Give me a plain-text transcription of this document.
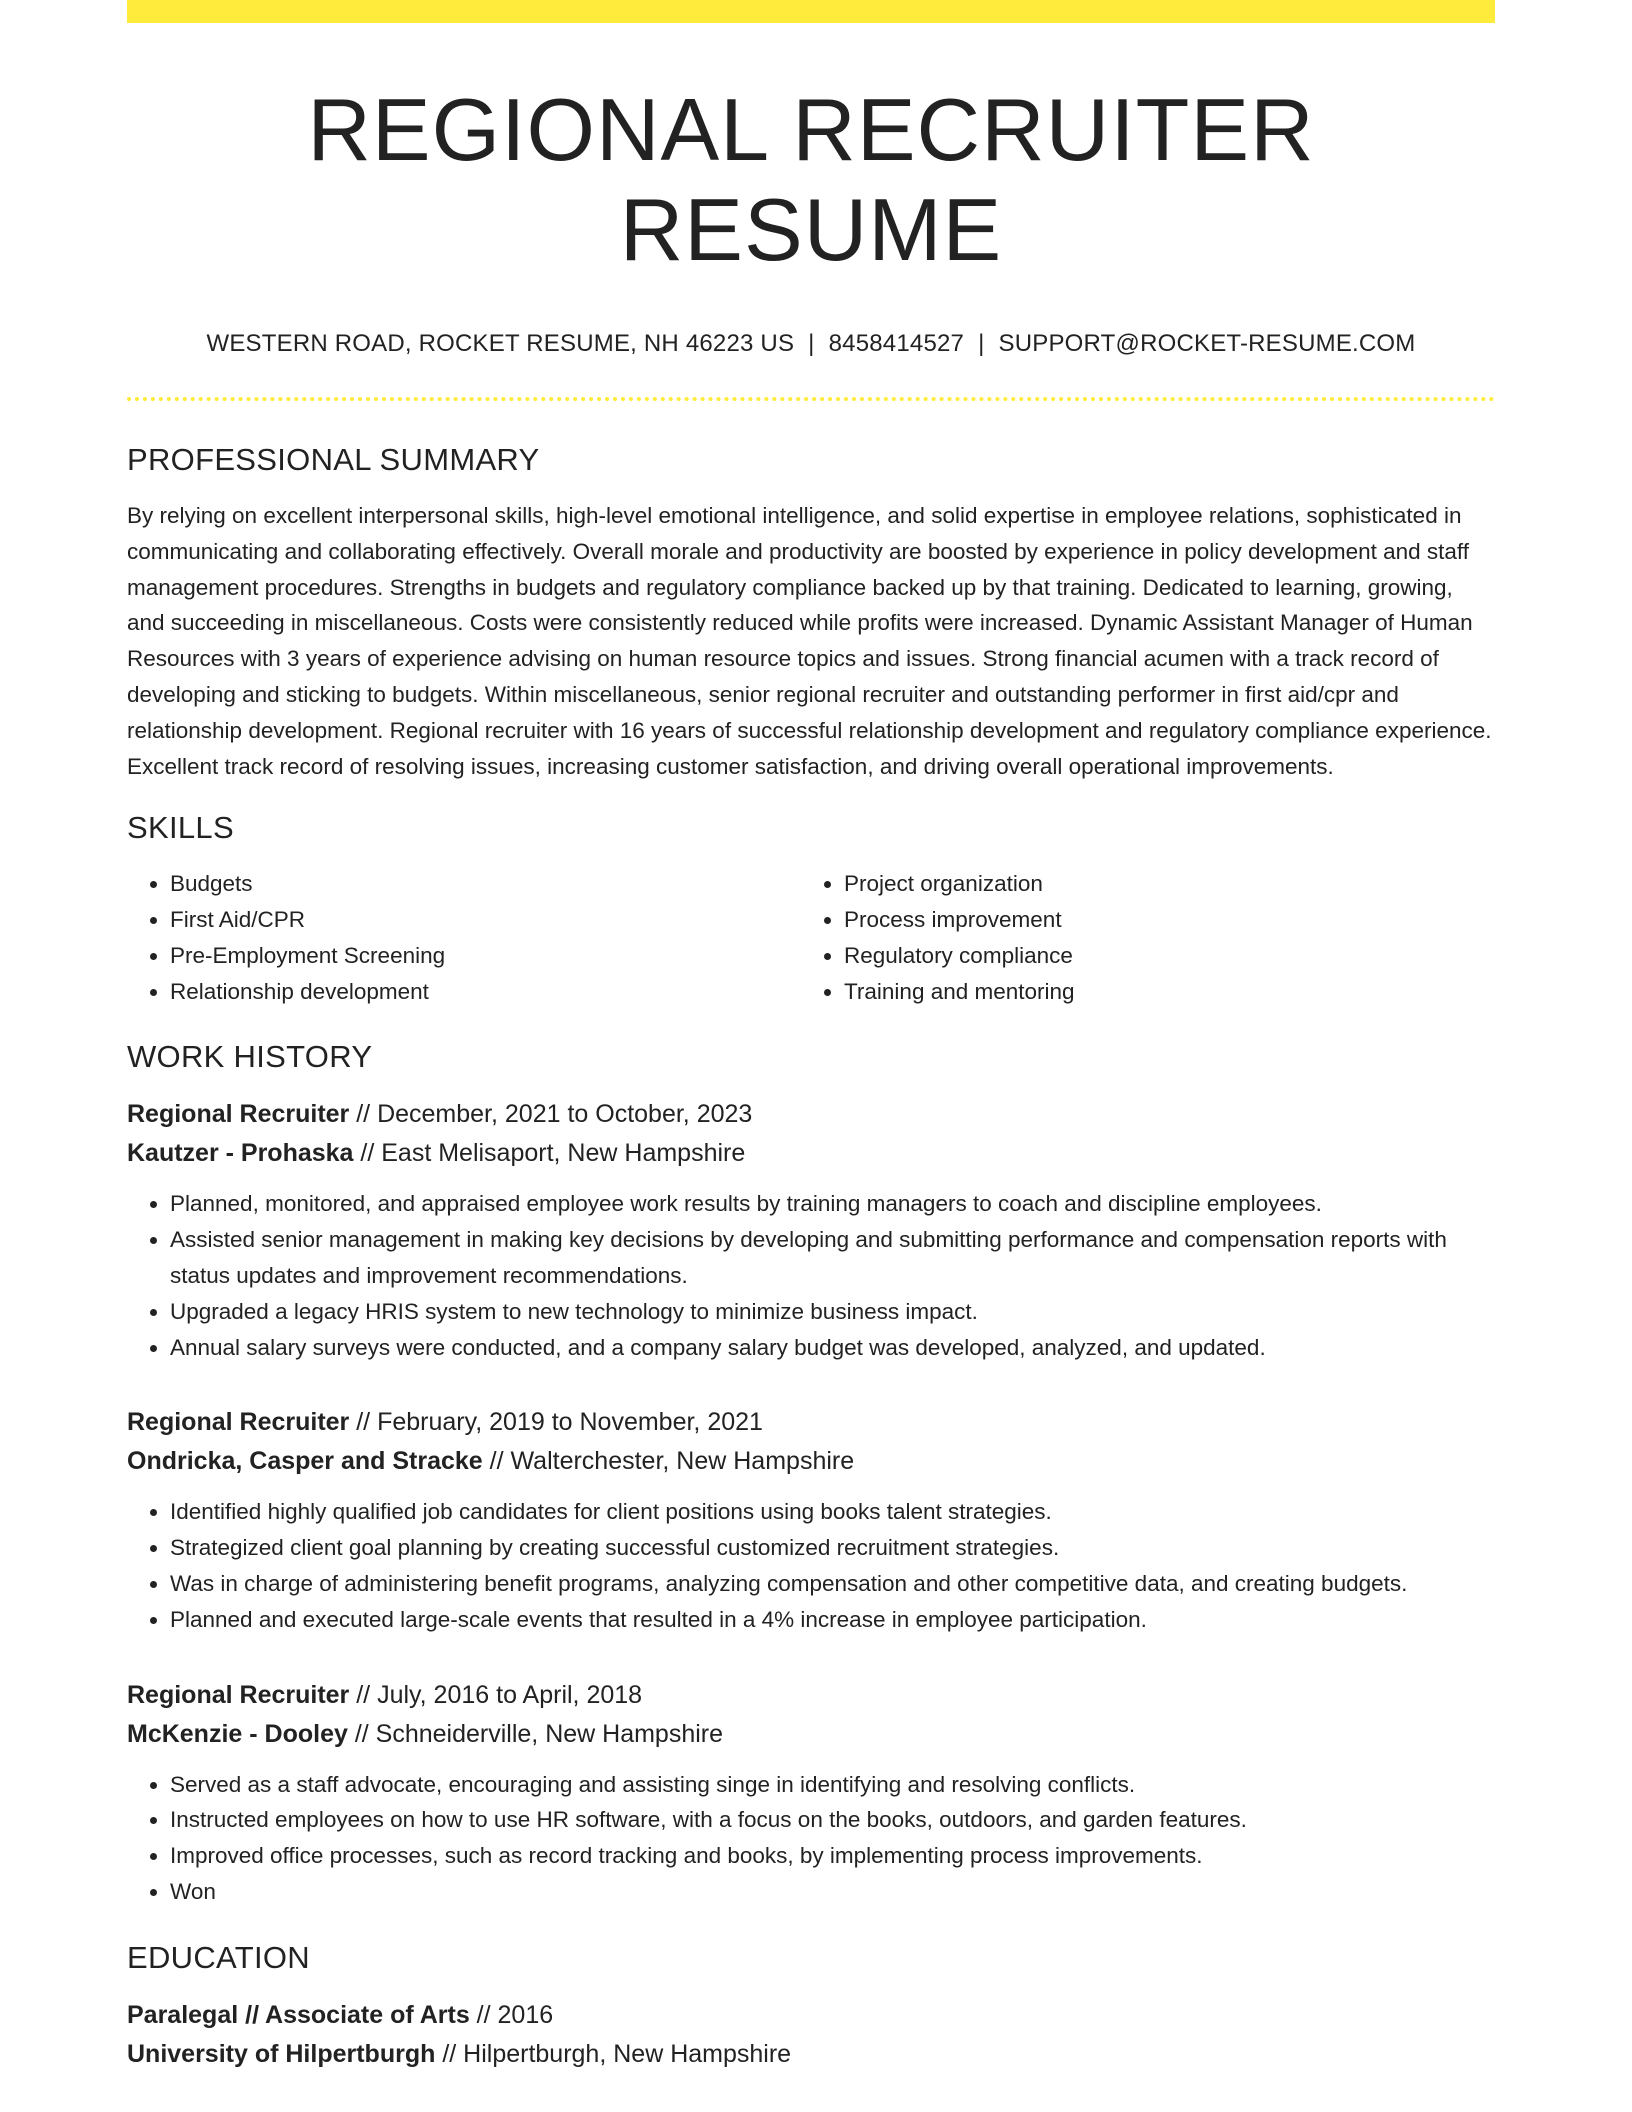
REGIONAL RECRUITER RESUME
WESTERN ROAD, ROCKET RESUME, NH 46223 US | 8458414527 | SUPPORT@ROCKET-RESUME.COM
PROFESSIONAL SUMMARY
By relying on excellent interpersonal skills, high-level emotional intelligence, and solid expertise in employee relations, sophisticated in communicating and collaborating effectively. Overall morale and productivity are boosted by experience in policy development and staff management procedures. Strengths in budgets and regulatory compliance backed up by that training. Dedicated to learning, growing, and succeeding in miscellaneous. Costs were consistently reduced while profits were increased. Dynamic Assistant Manager of Human Resources with 3 years of experience advising on human resource topics and issues. Strong financial acumen with a track record of developing and sticking to budgets. Within miscellaneous, senior regional recruiter and outstanding performer in first aid/cpr and relationship development. Regional recruiter with 16 years of successful relationship development and regulatory compliance experience. Excellent track record of resolving issues, increasing customer satisfaction, and driving overall operational improvements.
SKILLS
• Budgets
• First Aid/CPR
• Pre-Employment Screening
• Relationship development
• Project organization
• Process improvement
• Regulatory compliance
• Training and mentoring
WORK HISTORY
Regional Recruiter // December, 2021 to October, 2023
Kautzer - Prohaska // East Melisaport, New Hampshire
• Planned, monitored, and appraised employee work results by training managers to coach and discipline employees.
• Assisted senior management in making key decisions by developing and submitting performance and compensation reports with status updates and improvement recommendations.
• Upgraded a legacy HRIS system to new technology to minimize business impact.
• Annual salary surveys were conducted, and a company salary budget was developed, analyzed, and updated.
Regional Recruiter // February, 2019 to November, 2021
Ondricka, Casper and Stracke // Walterchester, New Hampshire
• Identified highly qualified job candidates for client positions using books talent strategies.
• Strategized client goal planning by creating successful customized recruitment strategies.
• Was in charge of administering benefit programs, analyzing compensation and other competitive data, and creating budgets.
• Planned and executed large-scale events that resulted in a 4% increase in employee participation.
Regional Recruiter // July, 2016 to April, 2018
McKenzie - Dooley // Schneiderville, New Hampshire
• Served as a staff advocate, encouraging and assisting singe in identifying and resolving conflicts.
• Instructed employees on how to use HR software, with a focus on the books, outdoors, and garden features.
• Improved office processes, such as record tracking and books, by implementing process improvements.
• Won
EDUCATION
Paralegal // Associate of Arts // 2016
University of Hilpertburgh // Hilpertburgh, New Hampshire
